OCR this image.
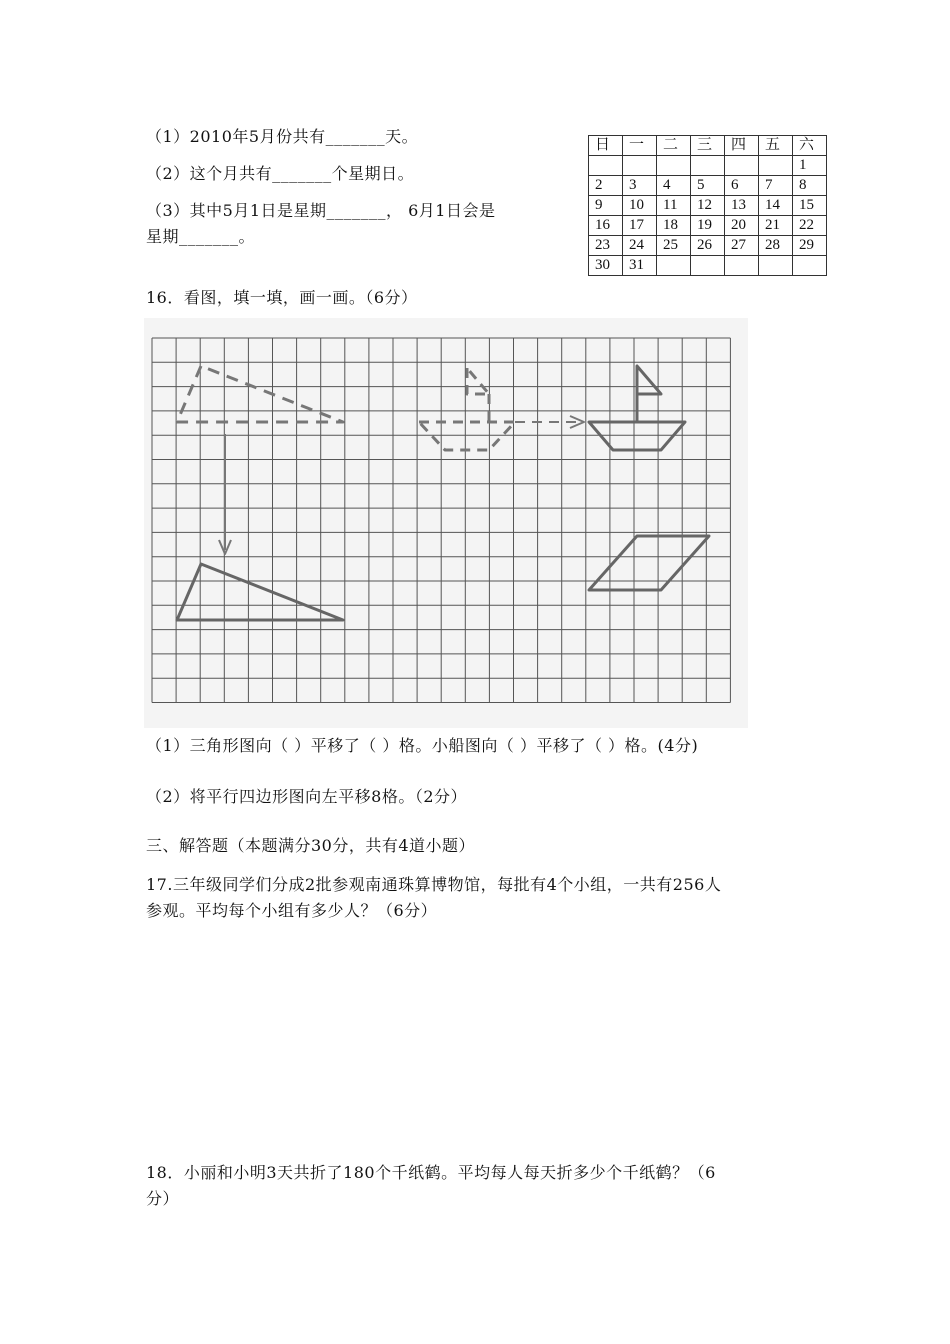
（1）2010年5月份共有_______天。
（2）这个月共有_______个星期日。
（3）其中5月1日是星期_______， 6月1日会是
星期_______。
日	一	二	三	四	五	六
						1
2	3	4	5	6	7	8
9	10	11	12	13	14	15
16	17	18	19	20	21	22
23	24	25	26	27	28	29
30	31					
16．看图，填一填，画一画。（6分）
（1）三角形图向（ ）平移了（ ）格。小船图向（ ）平移了（ ）格。(4分)
（2）将平行四边形图向左平移8格。（2分）
三、解答题（本题满分30分，共有4道小题）
17.三年级同学们分成2批参观南通珠算博物馆，每批有4个小组，一共有256人
参观。平均每个小组有多少人？（6分）
18．小丽和小明3天共折了180个千纸鹤。平均每人每天折多少个千纸鹤？（6
分）
